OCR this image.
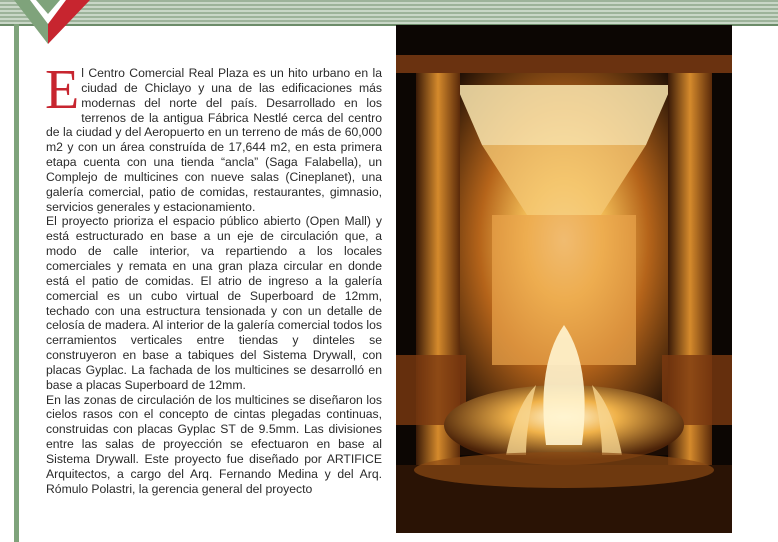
El Centro Comercial Real Plaza es un hito urbano en la ciudad de Chiclayo y una de las edificaciones más modernas del norte del país. Desarrollado en los terrenos de la antigua Fábrica Nestlé cerca del centro de la ciudad y del Aeropuerto en un terreno de más de 60,000 m2 y con un área construída de 17,644 m2, en esta primera etapa cuenta con una tienda “ancla” (Saga Falabella), un Complejo de multicines con nueve salas (Cineplanet), una galería comercial, patio de comidas, restaurantes, gimnasio, servicios generales y estacionamiento.

El proyecto prioriza el espacio público abierto (Open Mall) y está estructurado en base a un eje de circulación que, a modo de calle interior, va repartiendo a los locales comerciales y remata en una gran plaza circular en donde está el patio de comidas. El atrio de ingreso a la galería comercial es un cubo virtual de Superboard de 12mm, techado con una estructura tensionada y con un detalle de celosía de madera. Al interior de la galería comercial todos los cerramientos verticales entre tiendas y dinteles se construyeron en base a tabiques del Sistema Drywall, con placas Gyplac. La fachada de los multicines se desarrolló en base a placas Superboard de 12mm.

En las zonas de circulación de los multicines se diseñaron los cielos rasos con el concepto de cintas plegadas continuas, construidas con placas Gyplac ST de 9.5mm. Las divisiones entre las salas de proyección se efectuaron en base al Sistema Drywall. Este proyecto fue diseñado por ARTIFICE Arquitectos, a cargo del Arq. Fernando Medina y del Arq. Rómulo Polastri, la gerencia general del proyecto
